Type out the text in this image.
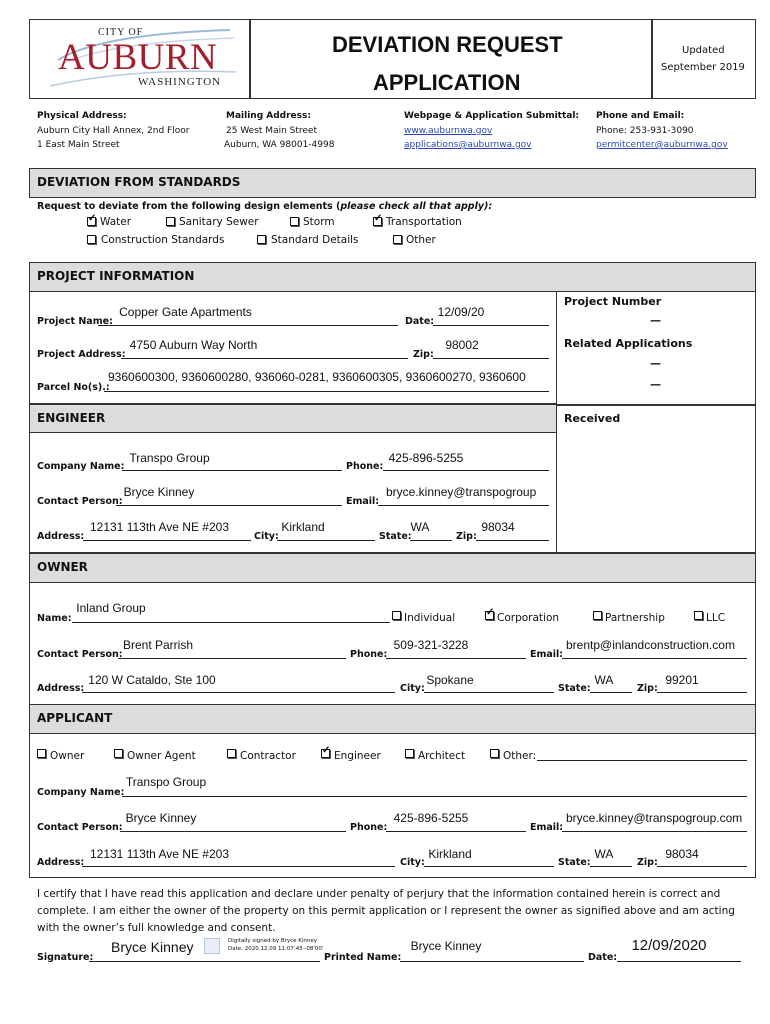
CITY OF
AUBURN
WASHINGTON
DEVIATION REQUEST
APPLICATION
Updated
September 2019
Physical Address:
Auburn City Hall Annex, 2nd Floor
1 East Main Street
Mailing Address:
25 West Main Street
Auburn, WA 98001-4998
Webpage & Application Submittal:
www.auburnwa.gov
applications@auburnwa.gov
Phone and Email:
Phone: 253-931-3090
permitcenter@auburnwa.gov
DEVIATION FROM STANDARDS
Request to deviate from the following design elements (please check all that apply):
✓
Water	Sanitary Sewer	Storm ✓	Transportation
Construction Standards	Standard Details	Other
PROJECT INFORMATION
Project Name:
Copper Gate Apartments
Date:
12/09/20
Project Address:
4750 Auburn Way North
Zip:
98002
Parcel No(s).:
9360600300, 9360600280, 936060-0281, 9360600305, 9360600270, 9360600
Project Number
—
Related Applications
—
—
Received
ENGINEER
Company Name:
Transpo Group
Phone:
425-896-5255
Contact Person:
Bryce Kinney
Email:
bryce.kinney@transpogroup
Address:
12131 113th Ave NE #203
City:
Kirkland
State:
WA
Zip:
98034
OWNER
Name:
Inland Group
Individual ✓	Corporation	Partnership	LLC
Contact Person:
Brent Parrish
Phone:
509-321-3228
Email:
brentp@inlandconstruction.com
Address:
120 W Cataldo, Ste 100
City:
Spokane
State:
WA
Zip:
99201
APPLICANT
Owner	Owner Agent	Contractor ✓	Engineer	Architect	Other:
Company Name:
Transpo Group
Contact Person:
Bryce Kinney
Phone:
425-896-5255
Email:
bryce.kinney@transpogroup.com
Address:
12131 113th Ave NE #203
City:
Kirkland
State:
WA
Zip:
98034
I certify that I have read this application and declare under penalty of perjury that the information contained herein is correct and complete. I am either the owner of the property on this permit application or I represent the owner as signified above and am acting with the owner’s full knowledge and consent.
Signature:
Bryce Kinney	Digitally signed by Bryce Kinney
Date: 2020.12.09 11:07:45 -08'00'
Printed Name:
Bryce Kinney
Date:
12/09/2020
